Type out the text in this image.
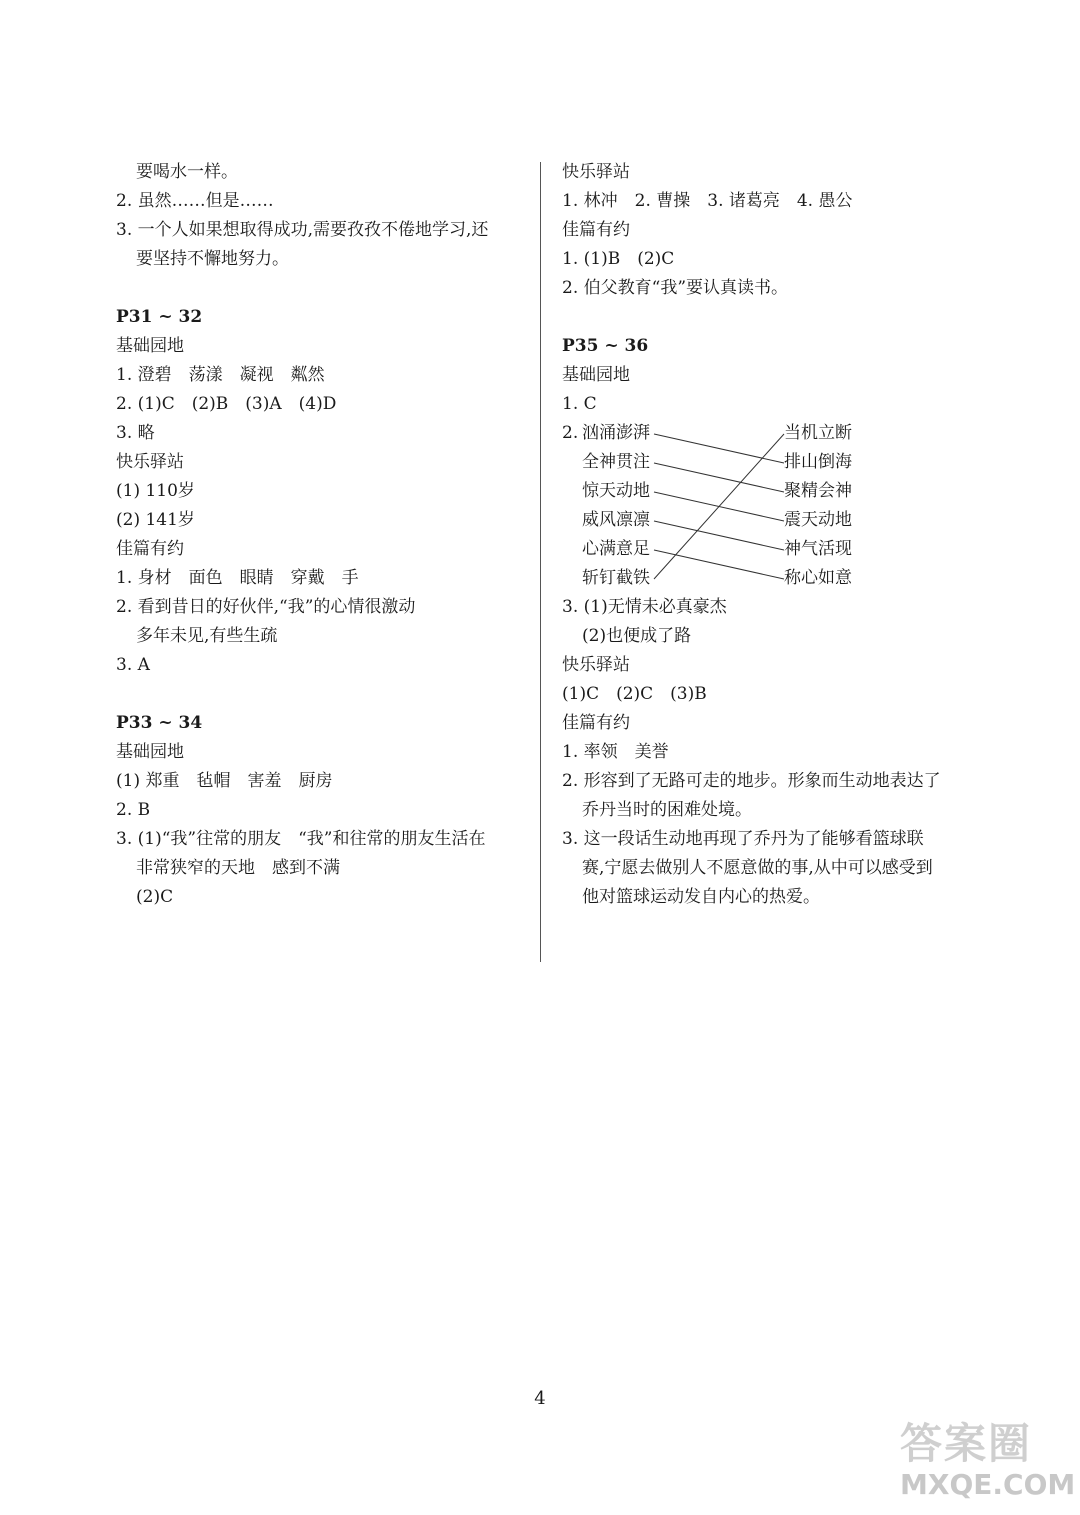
要喝水一样。
2. 虽然……但是……
3. 一个人如果想取得成功,需要孜孜不倦地学习,还
要坚持不懈地努力。
P31 ~ 32
基础园地
1. 澄碧　荡漾　凝视　粼然
2. (1)C　(2)B　(3)A　(4)D
3. 略
快乐驿站
(1) 110岁
(2) 141岁
佳篇有约
1. 身材　面色　眼睛　穿戴　手
2. 看到昔日的好伙伴,“我”的心情很激动
多年未见,有些生疏
3. A
P33 ~ 34
基础园地
(1) 郑重　毡帽　害羞　厨房
2. B
3. (1)“我”往常的朋友　“我”和往常的朋友生活在
非常狭窄的天地　感到不满
(2)C
快乐驿站
1. 林冲　2. 曹操　3. 诸葛亮　4. 愚公
佳篇有约
1. (1)B　(2)C
2. 伯父教育“我”要认真读书。
P35 ~ 36
基础园地
1. C
2. 汹涌澎湃
全神贯注
惊天动地
威风凛凛
心满意足
斩钉截铁
当机立断
排山倒海
聚精会神
震天动地
神气活现
称心如意
3. (1)无情未必真豪杰
(2)也便成了路
快乐驿站
(1)C　(2)C　(3)B
佳篇有约
1. 率领　美誉
2. 形容到了无路可走的地步。形象而生动地表达了
乔丹当时的困难处境。
3. 这一段话生动地再现了乔丹为了能够看篮球联
赛,宁愿去做别人不愿意做的事,从中可以感受到
他对篮球运动发自内心的热爱。
4
答案圈
MXQE.COM
